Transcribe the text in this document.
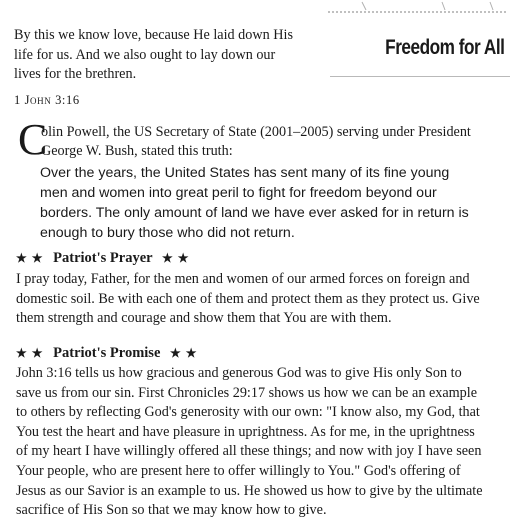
By this we know love, because He laid down His
life for us. And we also ought to lay down our
lives for the brethren.
1 John 3:16
Freedom for All
C
olin Powell, the US Secretary of State (2001–2005) serving under President
George W. Bush, stated this truth:
Over the years, the United States has sent many of its fine young
men and women into great peril to fight for freedom beyond our
borders. The only amount of land we have ever asked for in return is
enough to bury those who did not return.
★ ★ Patriot's Prayer ★ ★
I pray today, Father, for the men and women of our armed forces on foreign and
domestic soil. Be with each one of them and protect them as they protect us. Give
them strength and courage and show them that You are with them.
★ ★ Patriot's Promise ★ ★
John 3:16 tells us how gracious and generous God was to give His only Son to
save us from our sin. First Chronicles 29:17 shows us how we can be an example
to others by reflecting God's generosity with our own: "I know also, my God, that
You test the heart and have pleasure in uprightness. As for me, in the uprightness
of my heart I have willingly offered all these things; and now with joy I have seen
Your people, who are present here to offer willingly to You." God's offering of
Jesus as our Savior is an example to us. He showed us how to give by the ultimate
sacrifice of His Son so that we may know how to give.
